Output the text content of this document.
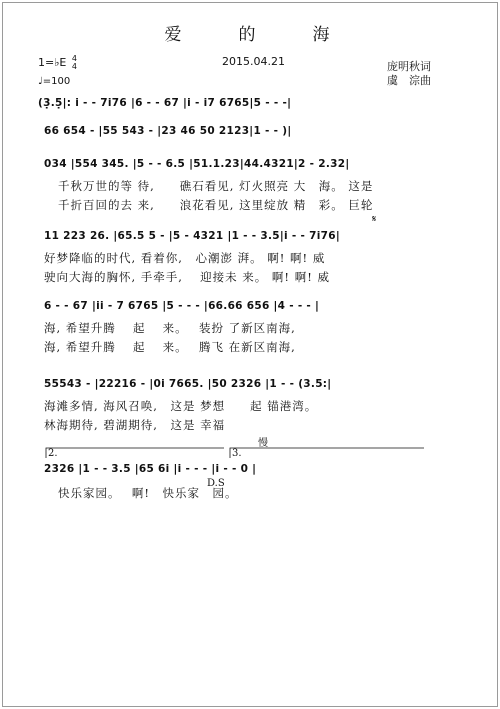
爱　的　海
1=♭E 4
4	2015.04.21	庞明秋词
虞　淙曲
♩=100
(3̣.5̣|: i - - 7i76 |6 - - 67 |i - i7 6765|5 - - -|
66 654 - |55 543 - |23 46 50 2123|1 - - )|
034 |554 345. |5 - - 6.5 |51.1.23|44.4321|2 - 2.32|
千秋万世的等 待,　　礁石看见, 灯火照亮 大　海。 这是
千折百回的去 来,　　浪花看见, 这里绽放 精　彩。 巨轮
𝄋
11 223 26. |65.5 5 - |5 - 4321 |1 - - 3.5|i - - 7i76|
好梦降临的时代, 看着你,　心潮澎 湃。 啊! 啊! 威
驶向大海的胸怀, 手牵手,　 迎接未 来。 啊! 啊! 威
6 - - 67 |ii - 7 6765 |5 - - - |66.66 656 |4 - - - |
海, 希望升腾　 起　 来。　 装扮 了新区南海,
海, 希望升腾　 起　 来。　 腾飞 在新区南海,
55543 - |22216 - |0i 7665. |50 2326 |1 - - (3.5:|
海滩多情, 海风召唤,　这是 梦想　　起 锚港湾。
林海期待, 碧湖期待,　这是 幸福
慢
2.	3.
2326 |1 - - 3.5 |65 6i |i - - - |i - - 0 |
D.S
快乐家园。　 啊!　快乐家　园。
